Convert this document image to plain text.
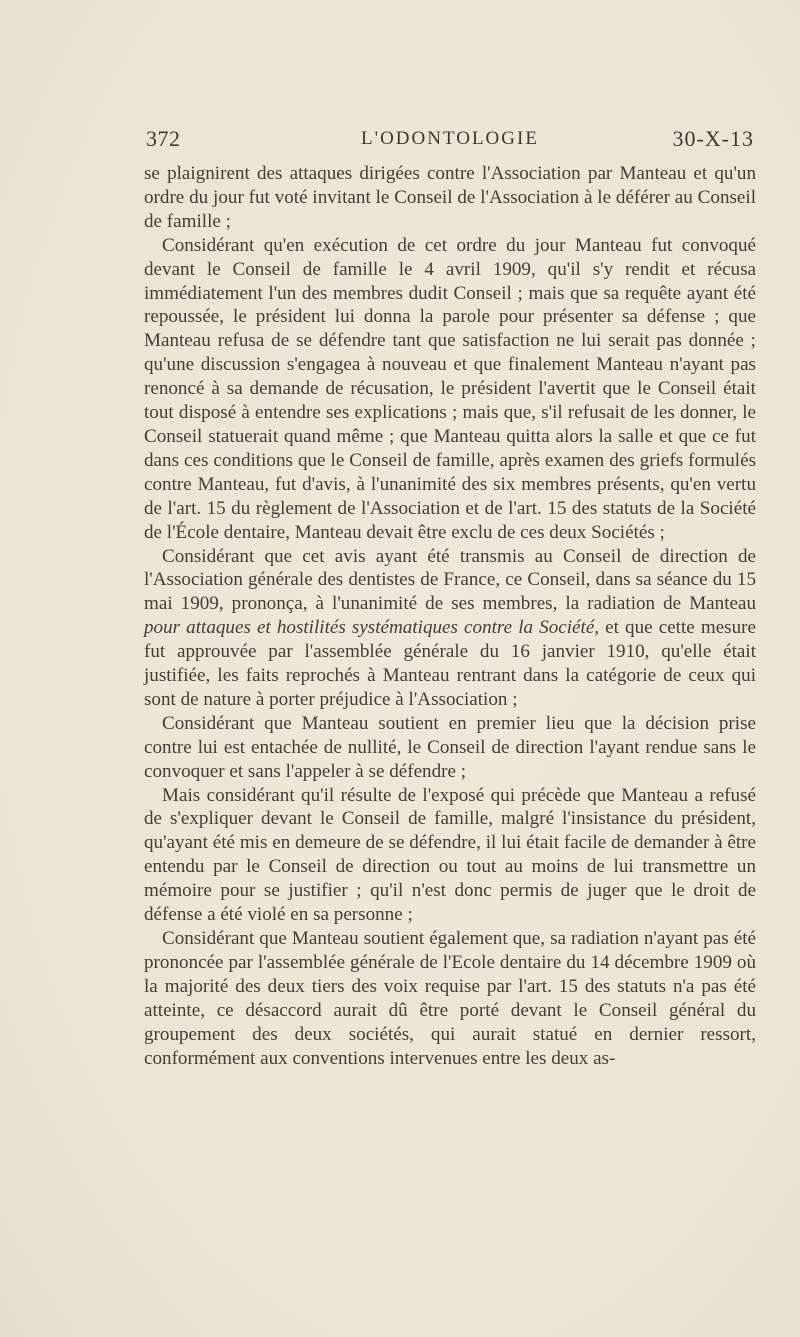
372	L'ODONTOLOGIE	30-X-13

se plaignirent des attaques dirigées contre l'Association par Manteau et qu'un ordre du jour fut voté invitant le Conseil de l'Association à le déférer au Conseil de famille ;

Considérant qu'en exécution de cet ordre du jour Manteau fut convoqué devant le Conseil de famille le 4 avril 1909, qu'il s'y rendit et récusa immédiatement l'un des membres dudit Conseil ; mais que sa requête ayant été repoussée, le président lui donna la parole pour présenter sa défense ; que Manteau refusa de se défendre tant que satisfaction ne lui serait pas donnée ; qu'une discussion s'engagea à nouveau et que finalement Manteau n'ayant pas renoncé à sa demande de récusation, le président l'avertit que le Conseil était tout disposé à entendre ses explications ; mais que, s'il refusait de les donner, le Conseil statuerait quand même ; que Manteau quitta alors la salle et que ce fut dans ces conditions que le Conseil de famille, après examen des griefs formulés contre Manteau, fut d'avis, à l'unanimité des six membres présents, qu'en vertu de l'art. 15 du règlement de l'Association et de l'art. 15 des statuts de la Société de l'École dentaire, Manteau devait être exclu de ces deux Sociétés ;

Considérant que cet avis ayant été transmis au Conseil de direction de l'Association générale des dentistes de France, ce Conseil, dans sa séance du 15 mai 1909, prononça, à l'unanimité de ses membres, la radiation de Manteau pour attaques et hostilités systématiques contre la Société, et que cette mesure fut approuvée par l'assemblée générale du 16 janvier 1910, qu'elle était justifiée, les faits reprochés à Manteau rentrant dans la catégorie de ceux qui sont de nature à porter préjudice à l'Association ;

Considérant que Manteau soutient en premier lieu que la décision prise contre lui est entachée de nullité, le Conseil de direction l'ayant rendue sans le convoquer et sans l'appeler à se défendre ;

Mais considérant qu'il résulte de l'exposé qui précède que Manteau a refusé de s'expliquer devant le Conseil de famille, malgré l'insistance du président, qu'ayant été mis en demeure de se défendre, il lui était facile de demander à être entendu par le Conseil de direction ou tout au moins de lui transmettre un mémoire pour se justifier ; qu'il n'est donc permis de juger que le droit de défense a été violé en sa personne ;

Considérant que Manteau soutient également que, sa radiation n'ayant pas été prononcée par l'assemblée générale de l'Ecole dentaire du 14 décembre 1909 où la majorité des deux tiers des voix requise par l'art. 15 des statuts n'a pas été atteinte, ce désaccord aurait dû être porté devant le Conseil général du groupement des deux sociétés, qui aurait statué en dernier ressort, conformément aux conventions intervenues entre les deux as-
